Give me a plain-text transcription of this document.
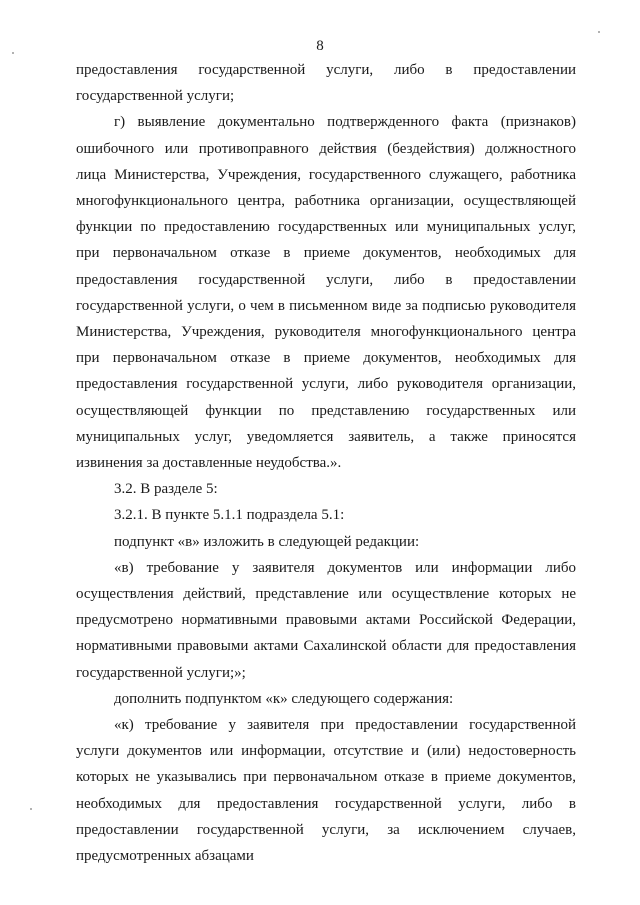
8

предоставления государственной услуги, либо в предоставлении государственной услуги;

г) выявление документально подтвержденного факта (признаков) ошибочного или противоправного действия (бездействия) должностного лица Министерства, Учреждения, государственного служащего, работника многофункционального центра, работника организации, осуществляющей функции по предоставлению государственных или муниципальных услуг, при первоначальном отказе в приеме документов, необходимых для предоставления государственной услуги, либо в предоставлении государственной услуги, о чем в письменном виде за подписью руководителя Министерства, Учреждения, руководителя многофункционального центра при первоначальном отказе в приеме документов, необходимых для предоставления государственной услуги, либо руководителя организации, осуществляющей функции по представлению государственных или муниципальных услуг, уведомляется заявитель, а также приносятся извинения за доставленные неудобства.».

3.2. В разделе 5:

3.2.1. В пункте 5.1.1 подраздела 5.1:

подпункт «в» изложить в следующей редакции:

«в) требование у заявителя документов или информации либо осуществления действий, представление или осуществление которых не предусмотрено нормативными правовыми актами Российской Федерации, нормативными правовыми актами Сахалинской области для предоставления государственной услуги;»;

дополнить подпунктом «к» следующего содержания:

«к) требование у заявителя при предоставлении государственной услуги документов или информации, отсутствие и (или) недостоверность которых не указывались при первоначальном отказе в приеме документов, необходимых для предоставления государственной услуги, либо в предоставлении государственной услуги, за исключением случаев, предусмотренных абзацами
